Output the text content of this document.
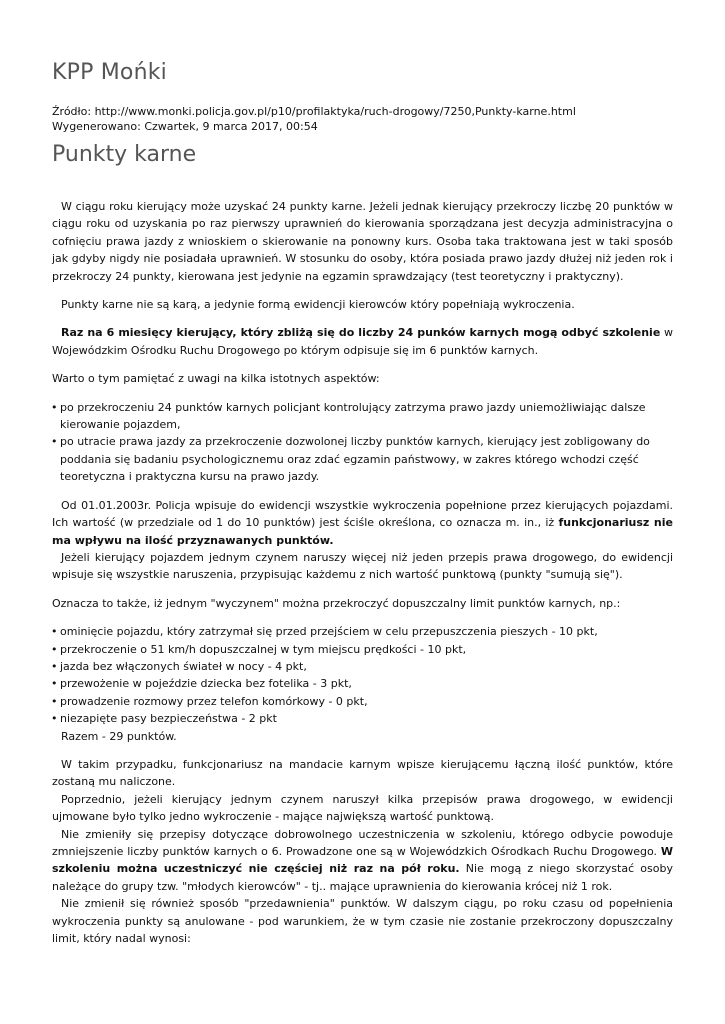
KPP Mońki
Źródło: http://www.monki.policja.gov.pl/p10/profilaktyka/ruch-drogowy/7250,Punkty-karne.html
Wygenerowano: Czwartek, 9 marca 2017, 00:54
Punkty karne

W ciągu roku kierujący może uzyskać 24 punkty karne. Jeżeli jednak kierujący przekroczy liczbę 20 punktów w ciągu roku od uzyskania po raz pierwszy uprawnień do kierowania sporządzana jest decyzja administracyjna o cofnięciu prawa jazdy z wnioskiem o skierowanie na ponowny kurs. Osoba taka traktowana jest w taki sposób jak gdyby nigdy nie posiadała uprawnień. W stosunku do osoby, która posiada prawo jazdy dłużej niż jeden rok i przekroczy 24 punkty, kierowana jest jedynie na egzamin sprawdzający (test teoretyczny i praktyczny).

Punkty karne nie są karą, a jedynie formą ewidencji kierowców który popełniają wykroczenia.

Raz na 6 miesięcy kierujący, który zbliżą się do liczby 24 punków karnych mogą odbyć szkolenie w Wojewódzkim Ośrodku Ruchu Drogowego po którym odpisuje się im 6 punktów karnych.

Warto o tym pamiętać z uwagi na kilka istotnych aspektów:

• po przekroczeniu 24 punktów karnych policjant kontrolujący zatrzyma prawo jazdy uniemożliwiając dalsze kierowanie pojazdem,
• po utracie prawa jazdy za przekroczenie dozwolonej liczby punktów karnych, kierujący jest zobligowany do poddania się badaniu psychologicznemu oraz zdać egzamin państwowy, w zakres którego wchodzi część teoretyczna i praktyczna kursu na prawo jazdy.

Od 01.01.2003r. Policja wpisuje do ewidencji wszystkie wykroczenia popełnione przez kierujących pojazdami. Ich wartość (w przedziale od 1 do 10 punktów) jest ściśle określona, co oznacza m. in., iż funkcjonariusz nie ma wpływu na ilość przyznawanych punktów.

Jeżeli kierujący pojazdem jednym czynem naruszy więcej niż jeden przepis prawa drogowego, do ewidencji wpisuje się wszystkie naruszenia, przypisując każdemu z nich wartość punktową (punkty "sumują się").

Oznacza to także, iż jednym "wyczynem" można przekroczyć dopuszczalny limit punktów karnych, np.:

• ominięcie pojazdu, który zatrzymał się przed przejściem w celu przepuszczenia pieszych - 10 pkt,
• przekroczenie o 51 km/h dopuszczalnej w tym miejscu prędkości - 10 pkt,
• jazda bez włączonych świateł w nocy - 4 pkt,
• przewożenie w pojeździe dziecka bez fotelika - 3 pkt,
• prowadzenie rozmowy przez telefon komórkowy - 0 pkt,
• niezapięte pasy bezpieczeństwa - 2 pkt
Razem - 29 punktów.

W takim przypadku, funkcjonariusz na mandacie karnym wpisze kierującemu łączną ilość punktów, które zostaną mu naliczone.

Poprzednio, jeżeli kierujący jednym czynem naruszył kilka przepisów prawa drogowego, w ewidencji ujmowane było tylko jedno wykroczenie - mające największą wartość punktową.

Nie zmieniły się przepisy dotyczące dobrowolnego uczestniczenia w szkoleniu, którego odbycie powoduje zmniejszenie liczby punktów karnych o 6. Prowadzone one są w Wojewódzkich Ośrodkach Ruchu Drogowego. W szkoleniu można uczestniczyć nie częściej niż raz na pół roku. Nie mogą z niego skorzystać osoby należące do grupy tzw. "młodych kierowców" - tj.. mające uprawnienia do kierowania krócej niż 1 rok.

Nie zmienił się również sposób "przedawnienia" punktów. W dalszym ciągu, po roku czasu od popełnienia wykroczenia punkty są anulowane - pod warunkiem, że w tym czasie nie zostanie przekroczony dopuszczalny limit, który nadal wynosi:
